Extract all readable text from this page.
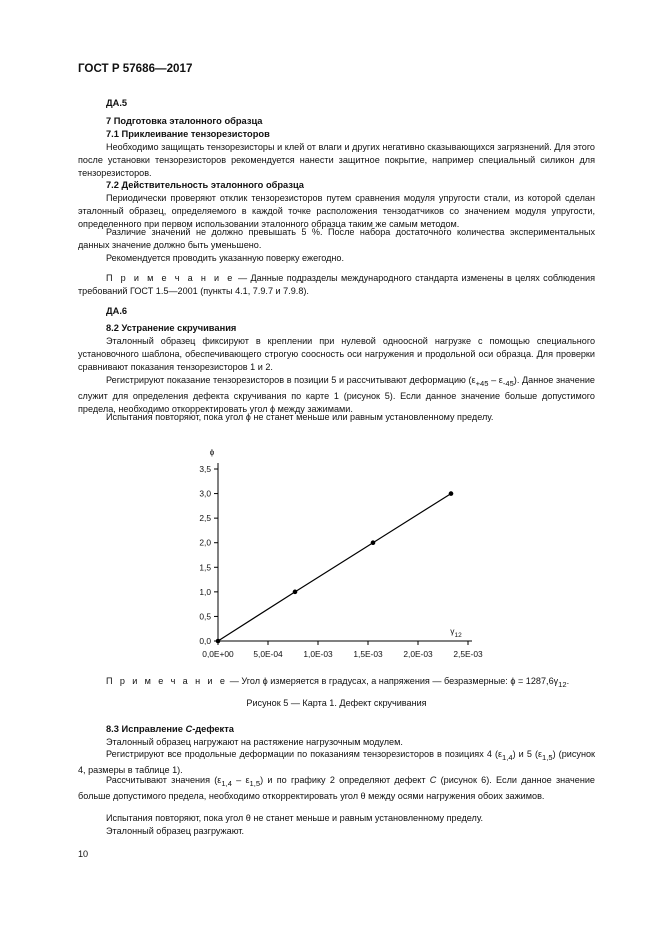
ГОСТ Р 57686—2017
ДА.5
7 Подготовка эталонного образца
7.1 Приклеивание тензорезисторов
Необходимо защищать тензорезисторы и клей от влаги и других негативно сказывающихся загрязнений. Для этого после установки тензорезисторов рекомендуется нанести защитное покрытие, например специальный силикон для тензорезисторов.
7.2 Действительность эталонного образца
Периодически проверяют отклик тензорезисторов путем сравнения модуля упругости стали, из которой сделан эталонный образец, определяемого в каждой точке расположения тензодатчиков со значением модуля упругости, определенного при первом использовании эталонного образца таким же самым методом.
Различие значений не должно превышать 5 %. После набора достаточного количества экспериментальных данных значение должно быть уменьшено.
Рекомендуется проводить указанную поверку ежегодно.
П р и м е ч а н и е — Данные подразделы международного стандарта изменены в целях соблюдения требований ГОСТ 1.5—2001 (пункты 4.1, 7.9.7 и 7.9.8).
ДА.6
8.2 Устранение скручивания
Эталонный образец фиксируют в креплении при нулевой одноосной нагрузке с помощью специального установочного шаблона, обеспечивающего строгую соосность оси нагружения и продольной оси образца. Для проверки сравнивают показания тензорезисторов 1 и 2.
Регистрируют показание тензорезисторов в позиции 5 и рассчитывают деформацию $(\varepsilon_{+45} - \varepsilon_{-45})$. Данное значение служит для определения дефекта скручивания по карте 1 (рисунок 5). Если данное значение больше допустимого предела, необходимо откорректировать угол ϕ между зажимами.
Испытания повторяют, пока угол ϕ не станет меньше или равным установленному пределу.
0,0
0,5
1,0
1,5
2,0
2,5
3,0
3,5
0,0E+00 5,0E-04 1,0E-03 1,5E-03 2,0E-03 2,5E-03
ϕ
$\gamma_{12}$
П р и м е ч а н и е — Угол ϕ измеряется в градусах, а напряжения — безразмерные: $\phi = 1287,6\gamma_{12}$.
Рисунок 5 — Карта 1. Дефект скручивания
8.3 Исправление С-дефекта
Эталонный образец нагружают на растяжение нагрузочным модулем.
Регистрируют все продольные деформации по показаниям тензорезисторов в позициях 4 $(\varepsilon_{1,4})$ и 5 $(\varepsilon_{1,5})$ (рисунок 4, размеры в таблице 1).
Рассчитывают значения $(\varepsilon_{1,4} - \varepsilon_{1,5})$ и по графику 2 определяют дефект С (рисунок 6). Если данное значение больше допустимого предела, необходимо откорректировать угол θ между осями нагружения обоих зажимов.
Испытания повторяют, пока угол θ не станет меньше и равным установленному пределу.
Эталонный образец разгружают.
10
